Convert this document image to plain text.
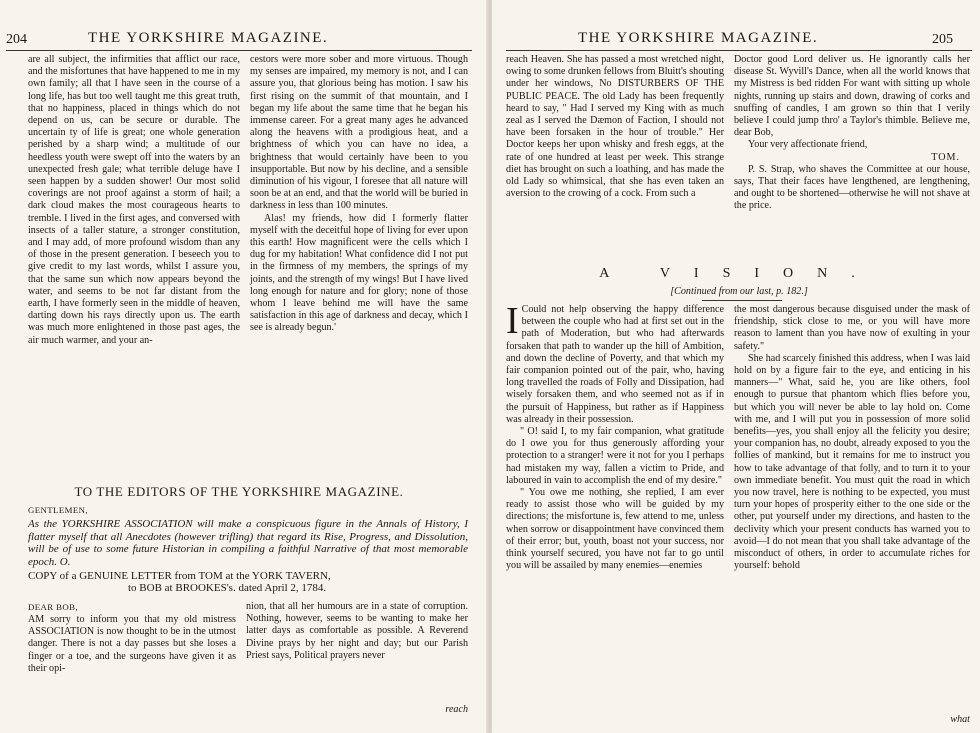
204	THE YORKSHIRE MAGAZINE.

are all subject, the infirmities that afflict our race, and the misfortunes that have happened to me in my own family; all that I have seen in the course of a long life, has but too well taught me this great truth, that no happiness, placed in things which do not depend on us, can be secure or durable. The uncertain ty of life is great; one whole generation perished by a sharp wind; a multitude of our heedless youth were swept off into the waters by an unexpected fresh gale; what terrible deluge have I seen happen by a sudden shower! Our most solid coverings are not proof against a storm of hail; a dark cloud makes the most courageous hearts to tremble. I lived in the first ages, and conversed with insects of a taller stature, a stronger constitution, and I may add, of more profound wisdom than any of those in the present generation. I beseech you to give credit to my last words, whilst I assure you, that the same sun which now appears beyond the water, and seems to be not far distant from the earth, I have formerly seen in the middle of heaven, darting down his rays directly upon us. The earth was much more enlightened in those past ages, the air much warmer, and your an-

cestors were more sober and more virtuous. Though my senses are impaired, my memory is not, and I can assure you, that glorious being has motion. I saw his first rising on the summit of that mountain, and I began my life about the same time that he began his immense career. For a great many ages he advanced along the heavens with a prodigious heat, and a brightness of which you can have no idea, a brightness that would certainly have been to you insupportable. But now by his decline, and a sensible diminution of his vigour, I foresee that all nature will soon be at an end, and that the world will be buried in darkness in less than 100 minutes.

Alas! my friends, how did I formerly flatter myself with the deceitful hope of living for ever upon this earth! How magnificent were the cells which I dug for my habitation! What confidence did I not put in the firmness of my members, the springs of my joints, and the strength of my wings! But I have lived long enough for nature and for glory; none of those whom I leave behind me will have the same satisfaction in this age of darkness and decay, which I see is already begun.'

TO THE EDITORS OF THE YORKSHIRE MAGAZINE.
GENTLEMEN,
As the YORKSHIRE ASSOCIATION will make a conspicuous figure in the Annals of History, I flatter myself that all Anecdotes (however trifling) that regard its Rise, Progress, and Dissolution, will be of use to some future Historian in compiling a faithful Narrative of that most memorable epoch. O.
COPY of a GENUINE LETTER from TOM at the YORK TAVERN,
to BOB at BROOKES's. dated April 2, 1784.
DEAR BOB,

AM sorry to inform you that my old mistress ASSOCIATION is now thought to be in the utmost danger. There is not a day passes but she loses a finger or a toe, and the surgeons have given it as their opi-

nion, that all her humours are in a state of corruption. Nothing, however, seems to be wanting to make her latter days as comfortable as possible. A Reverend Divine prays by her night and day; but our Parish Priest says, Political prayers never

reach
THE YORKSHIRE MAGAZINE.	205

reach Heaven. She has passed a most wretched night, owing to some drunken fellows from Bluitt's shouting under her windows, No DISTURBERS OF THE PUBLIC PEACE. The old Lady has been frequently heard to say, " Had I served my King with as much zeal as I served the Dæmon of Faction, I should not have been forsaken in the hour of trouble." Her Doctor keeps her upon whisky and fresh eggs, at the rate of one hundred at least per week. This strange diet has brought on such a loathing, and has made the old Lady so whimsical, that she has even taken an aversion to the crowing of a cock. From such a

Doctor good Lord deliver us. He ignorantly calls her disease St. Wyvill's Dance, when all the world knows that my Mistress is bed ridden For want with sitting up whole nights, running up stairs and down, drawing of corks and snuffing of candles, I am grown so thin that I verily believe I could jump thro' a Taylor's thimble. Believe me, dear Bob,

Your very affectionate friend,

TOM.

P. S. Strap, who shaves the Committee at our house, says, That their faces have lengthened, are lengthening, and ought to be shortened—otherwise he will not shave at the price.

A VISION.
[Continued from our last, p. 182.]

I Could not help observing the happy difference between the couple who had at first set out in the path of Moderation, but who had afterwards forsaken that path to wander up the hill of Ambition, and down the decline of Poverty, and that which my fair companion pointed out of the pair, who, having long travelled the roads of Folly and Dissipation, had wisely forsaken them, and who seemed not as if in the pursuit of Happiness, but rather as if Happiness was already in their possession.

" O! said I, to my fair companion, what gratitude do I owe you for thus generously affording your protection to a stranger! were it not for you I perhaps had mistaken my way, fallen a victim to Pride, and laboured in vain to accomplish the end of my desire."

" You owe me nothing, she replied, I am ever ready to assist those who will be guided by my directions; the misfortune is, few attend to me, unless when sorrow or disappointment have convinced them of their error; but, youth, boast not your success, nor think yourself secured, you have not far to go until you will be assailed by many enemies—enemies

the most dangerous because disguised under the mask of friendship, stick close to me, or you will have more reason to lament than you have now of exulting in your safety."

She had scarcely finished this address, when I was laid hold on by a figure fair to the eye, and enticing in his manners—" What, said he, you are like others, fool enough to pursue that phantom which flies before you, but which you will never be able to lay hold on. Come with me, and I will put you in possession of more solid benefits—yes, you shall enjoy all the felicity you desire; your companion has, no doubt, already exposed to you the follies of mankind, but it remains for me to instruct you how to take advantage of that folly, and to turn it to your own immediate benefit. You must quit the road in which you now travel, here is nothing to be expected, you must turn your hopes of prosperity either to the one side or the other, put yourself under my directions, and hasten to the declivity which your present conducts has warned you to avoid—I do not mean that you shall take advantage of the misconduct of others, in order to accumulate riches for yourself: behold

what
